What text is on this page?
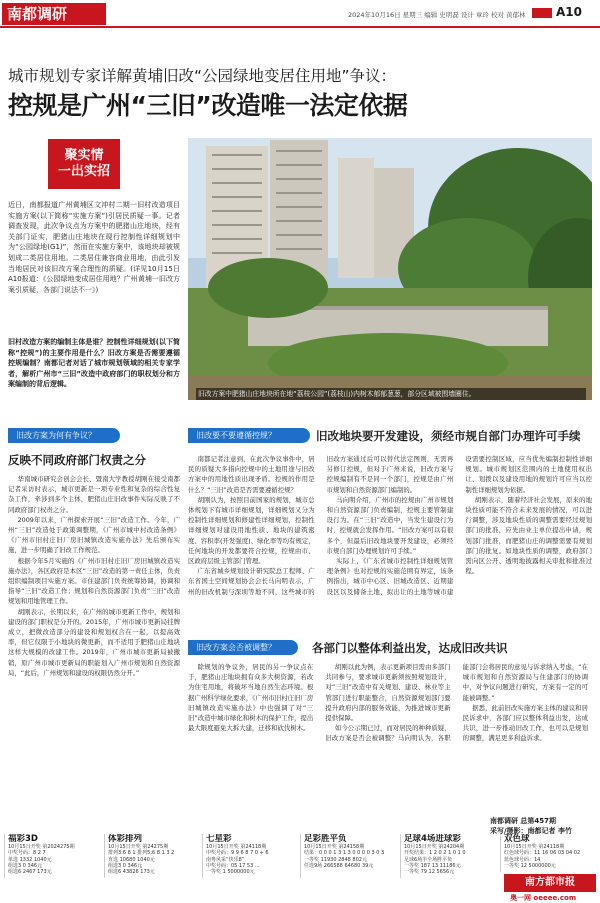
南都调研	2024年10月16日 星期三 编辑 史明磊 设计 章玲 校对 黄郁林	A10
城市规划专家详解黄埔旧改“公园绿地变居住用地”争议：
控规是广州“三旧”改造唯一法定依据
聚实情
一出实招
近日，南都报道广州黄埔区文冲村二期一旧村改造项目实施方案(以下简称“实施方案”)引居民质疑一事。记者调查发现，此次争议点为方案中的肥猪山庄地块，经有关部门证实，肥猪山庄地块在现行控制性详细规划中为“公园绿地(G1)”，然而在实施方案中，该地块却被规划成二类居住用地。二类居住兼容商业用地，由此引发当地居民对该旧改方案合理性的质疑。(详见10月15日A10报道：《公园绿地变成居住用地？广州黄埔一旧改方案引质疑，各部门说法不一》)
旧村改造方案的编制主体是谁？控制性详细规划(以下简称“控规”)的主要作用是什么？旧改方案是否需要遵循控规编制？南都记者对话了城市规划领域的相关专家学者，解析广州市“三旧”改造中政府部门的职权划分和方案编制的背后逻辑。
旧改方案中肥猪山庄地块所在地“荔枝公园”(荔枝山)内树木郁郁葱葱，部分区域被围墙圈住。
旧改方案为何有争议？
反映不同政府部门权责之分

华南城市研究会创会会长、暨南大学教授胡刚在接受南都记者采访时表示，城市更新是一项专业性和复杂的综合性复杂工作，牵涉到多个主体，肥猪山庄旧改事件实际反映了不同政府部门权责之分。

2009年以来，广州探索开展“三旧”改造工作。今年，广州“三旧”改造处于政策调整期，《广州市城中村改造条例》《广州市旧村庄旧厂房旧城镇改造实施办法》先后颁布实施，进一步明确了旧改工作规范。

根据今年5月实施的《广州市旧村庄旧厂房旧城镇改造实施办法》，各区政府是本区“三旧”改造的第一责任主体，负责组织编制项目实施方案。市住建部门负责统筹协调，协调和指导“三旧”改造工作；规划和自然资源部门负责“三旧”改造规划和用地管理工作。

胡刚表示，长期以来，在广州的城市更新工作中，规划和建设的部门职权是分开的。2015年，广州市城市更新局挂牌成立，把微改造部分的建设和规划权合在一起，以提高效率，但它仅限于小地块的微更新，而不适用于肥猪山庄地块这样大规模的改建工作。2019年，广州市城市更新局被撤销，原广州市城市更新局的职能划入广州市规划和自然资源局，“此后，广州规划和建设的权限仍然分开。”

旧改要不要遵循控规？	旧改地块要开发建设，须经市规自部门办理许可手续

南都记者注意到，在此次争议事件中，居民的质疑大多指向控规中的土地用途与旧改方案中的用地性质出现矛盾。控规的作用是什么？“三旧”改造是否需要遵循控规？

胡刚认为，按照目前国家的规划，城市总体规划下有城市详细规划，详细规划又分为控制性详细规划和修建性详细规划，控制性详细规划对建设用地性质、地块的建筑密度、容积率(开发强度)、绿化率等均有规定，任何地块的开发都要符合控规，控规由市、区政府层级主管部门管理。

广东省城乡规划设计研究院总工程师、广东省国土空间规划协会会长马向明表示，广州的旧改机制与深圳等地不同，这些城市的旧改方案通过后可以替代法定图则，无需再另修订控规，但对于广州来说，旧改方案与控规编制有不是同一个部门，控规是由广州市规划和自然资源部门编制的。

马向明介绍，广州市的控规由广州市规划和自然资源部门负责编制，控规主要管制建设行为。在“三旧”改造中，当发生建设行为时，控规就会发挥作用。“旧改方案可以有很多个，但最后旧改地块要开发建设，必须经市规自部门办理规划许可手续。”

实际上，《广东省城市控制性详细规划管理条例》也对控规的实施范围有界定，该条例指出，城市中心区、旧城改造区、近期建设区以及储备土地、拟出让的土地等城市建设需要控制区域，应当优先编制控制性详细规划。城市规划区范围内的土地使用权出让、划拨以及建设用地的规划许可应当以控制性详细规划为依据。

胡刚表示，随着经济社会发展，原来的地块性质可能不符合未来发展的情况，可以进行调整，涉及地块性质的调整需要经过规划部门的批准，应先由业主单位提出申请，规划部门批准，而肥猪山庄的调整需要有规划部门的批复。如地块性质的调整，政府部门需向区公开、透明地披露相关审批和批准过程。

旧改方案会否被调整？	各部门以整体利益出发，达成旧改共识

除规划的争议外，居民的另一争议点在于，肥猪山庄地块拥有众多大树资源，若改为住宅用地，将破坏当地自然生态环境。根据广州科学绿化要求，《广州市旧村庄旧厂房旧城镇改造实施办法》中也强调了对“三旧”改造中城市绿化和树木的保护工作，提出最大限度避免大拆大建，迁移和砍伐树木。

胡刚以此为例，表示更新项目需由多部门共同参与，要求城市更新须按照规划设计，对“三旧”改造中有关规划、建设、林业等主管部门进行职能整合，自然资源规划部门要提升政府内部的服务效能，为推进城市更新提供保障。

如今公示期已过，而对居民的种种质疑，旧改方案是否会被调整？马向明认为，各职能部门会将居民的意见与诉求纳入考虑，“在城市规划和自然资源局与住建部门的协调中，对争议问题进行研究，方案有一定的可能被调整。”

据悉，此前旧改实施方案主体的建议和居民诉求中，各部门应以整体利益出发，达成共识，进一步推动旧改工作，也可以是规划的调整，满足更多利益诉求。

南都调研 总第457期
采写/摄影：南都记者 李竹
福彩3D
10月15日开奖 第2024275期
中奖号码：8 2 7
单选 1332 1040元
组选3 0 346元
组选6 2467 173元
体彩排列
10月15日开奖 第24275期
排列3:6 8 1 排列5:6 8 1 3 2
直选 10680 1040元
组选3 0 346元
组选6 43826 173元
七星彩
10月15日开奖 第24118期
中奖号码：9 9 6 8 7 0 + 6
南粤风采“快乐8”
中奖号码：05 17 53 ...
一等奖 1 5000000元
足彩胜平负
10月15日开奖 第24158期
结果：0 0 0 1 3 1 3 0 0 0 0 3 0 3
一等奖 11930 2848 802元
任选9场 266588 64680 39元
足球4场进球彩
10月15日开奖 第24204期
开奖结果：1 2 0 2 1 0 1 0
足球6场半全场胜平负
一等奖 187 13 11186元
一等奖 79 12 5656元
双色球
10月15日开奖 第24118期
红色球号码：11 16 06 03 04 02
蓝色球号码：14
一等奖 12 5000000元
南方都市报
奥一网 oeeee.com
